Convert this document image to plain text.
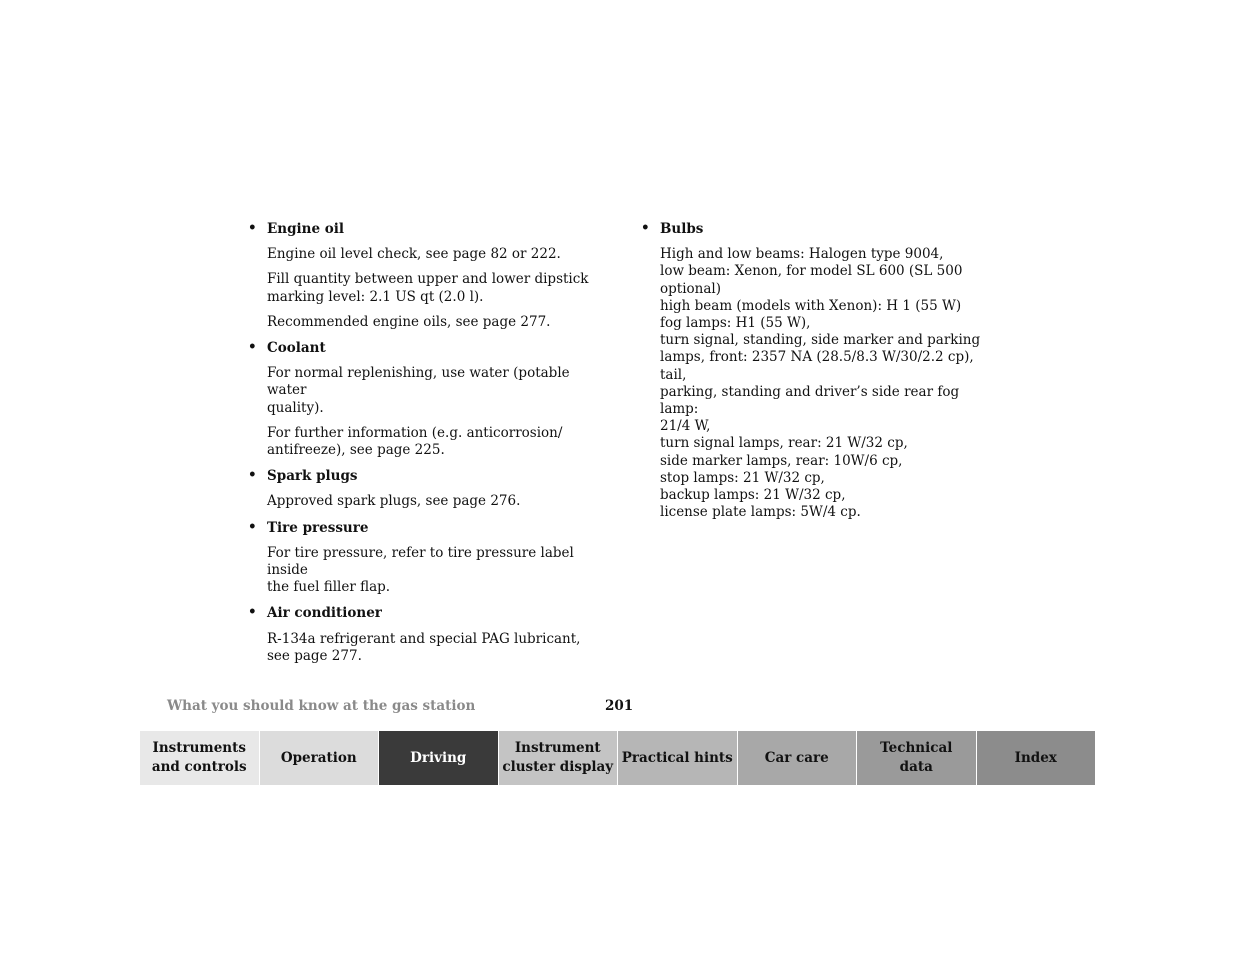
• Engine oil
Engine oil level check, see page 82 or 222.
Fill quantity between upper and lower dipstick
marking level: 2.1 US qt (2.0 l).
Recommended engine oils, see page 277.
• Coolant
For normal replenishing, use water (potable water
quality).
For further information (e.g. anticorrosion/
antifreeze), see page 225.
• Spark plugs
Approved spark plugs, see page 276.
• Tire pressure
For tire pressure, refer to tire pressure label inside
the fuel filler flap.
• Air conditioner
R-134a refrigerant and special PAG lubricant,
see page 277.
• Bulbs
High and low beams: Halogen type 9004,
low beam: Xenon, for model SL 600 (SL 500
optional)
high beam (models with Xenon): H 1 (55 W)
fog lamps: H1 (55 W),
turn signal, standing, side marker and parking
lamps, front: 2357 NA (28.5/8.3 W/30/2.2 cp), tail,
parking, standing and driver’s side rear fog lamp:
21/4 W,
turn signal lamps, rear: 21 W/32 cp,
side marker lamps, rear: 10W/6 cp,
stop lamps: 21 W/32 cp,
backup lamps: 21 W/32 cp,
license plate lamps: 5W/4 cp.
What you should know at the gas station	201
Instruments
and controls
Operation	Driving
Instrument
cluster display
Practical hints	Car care
Technical
data
Index
